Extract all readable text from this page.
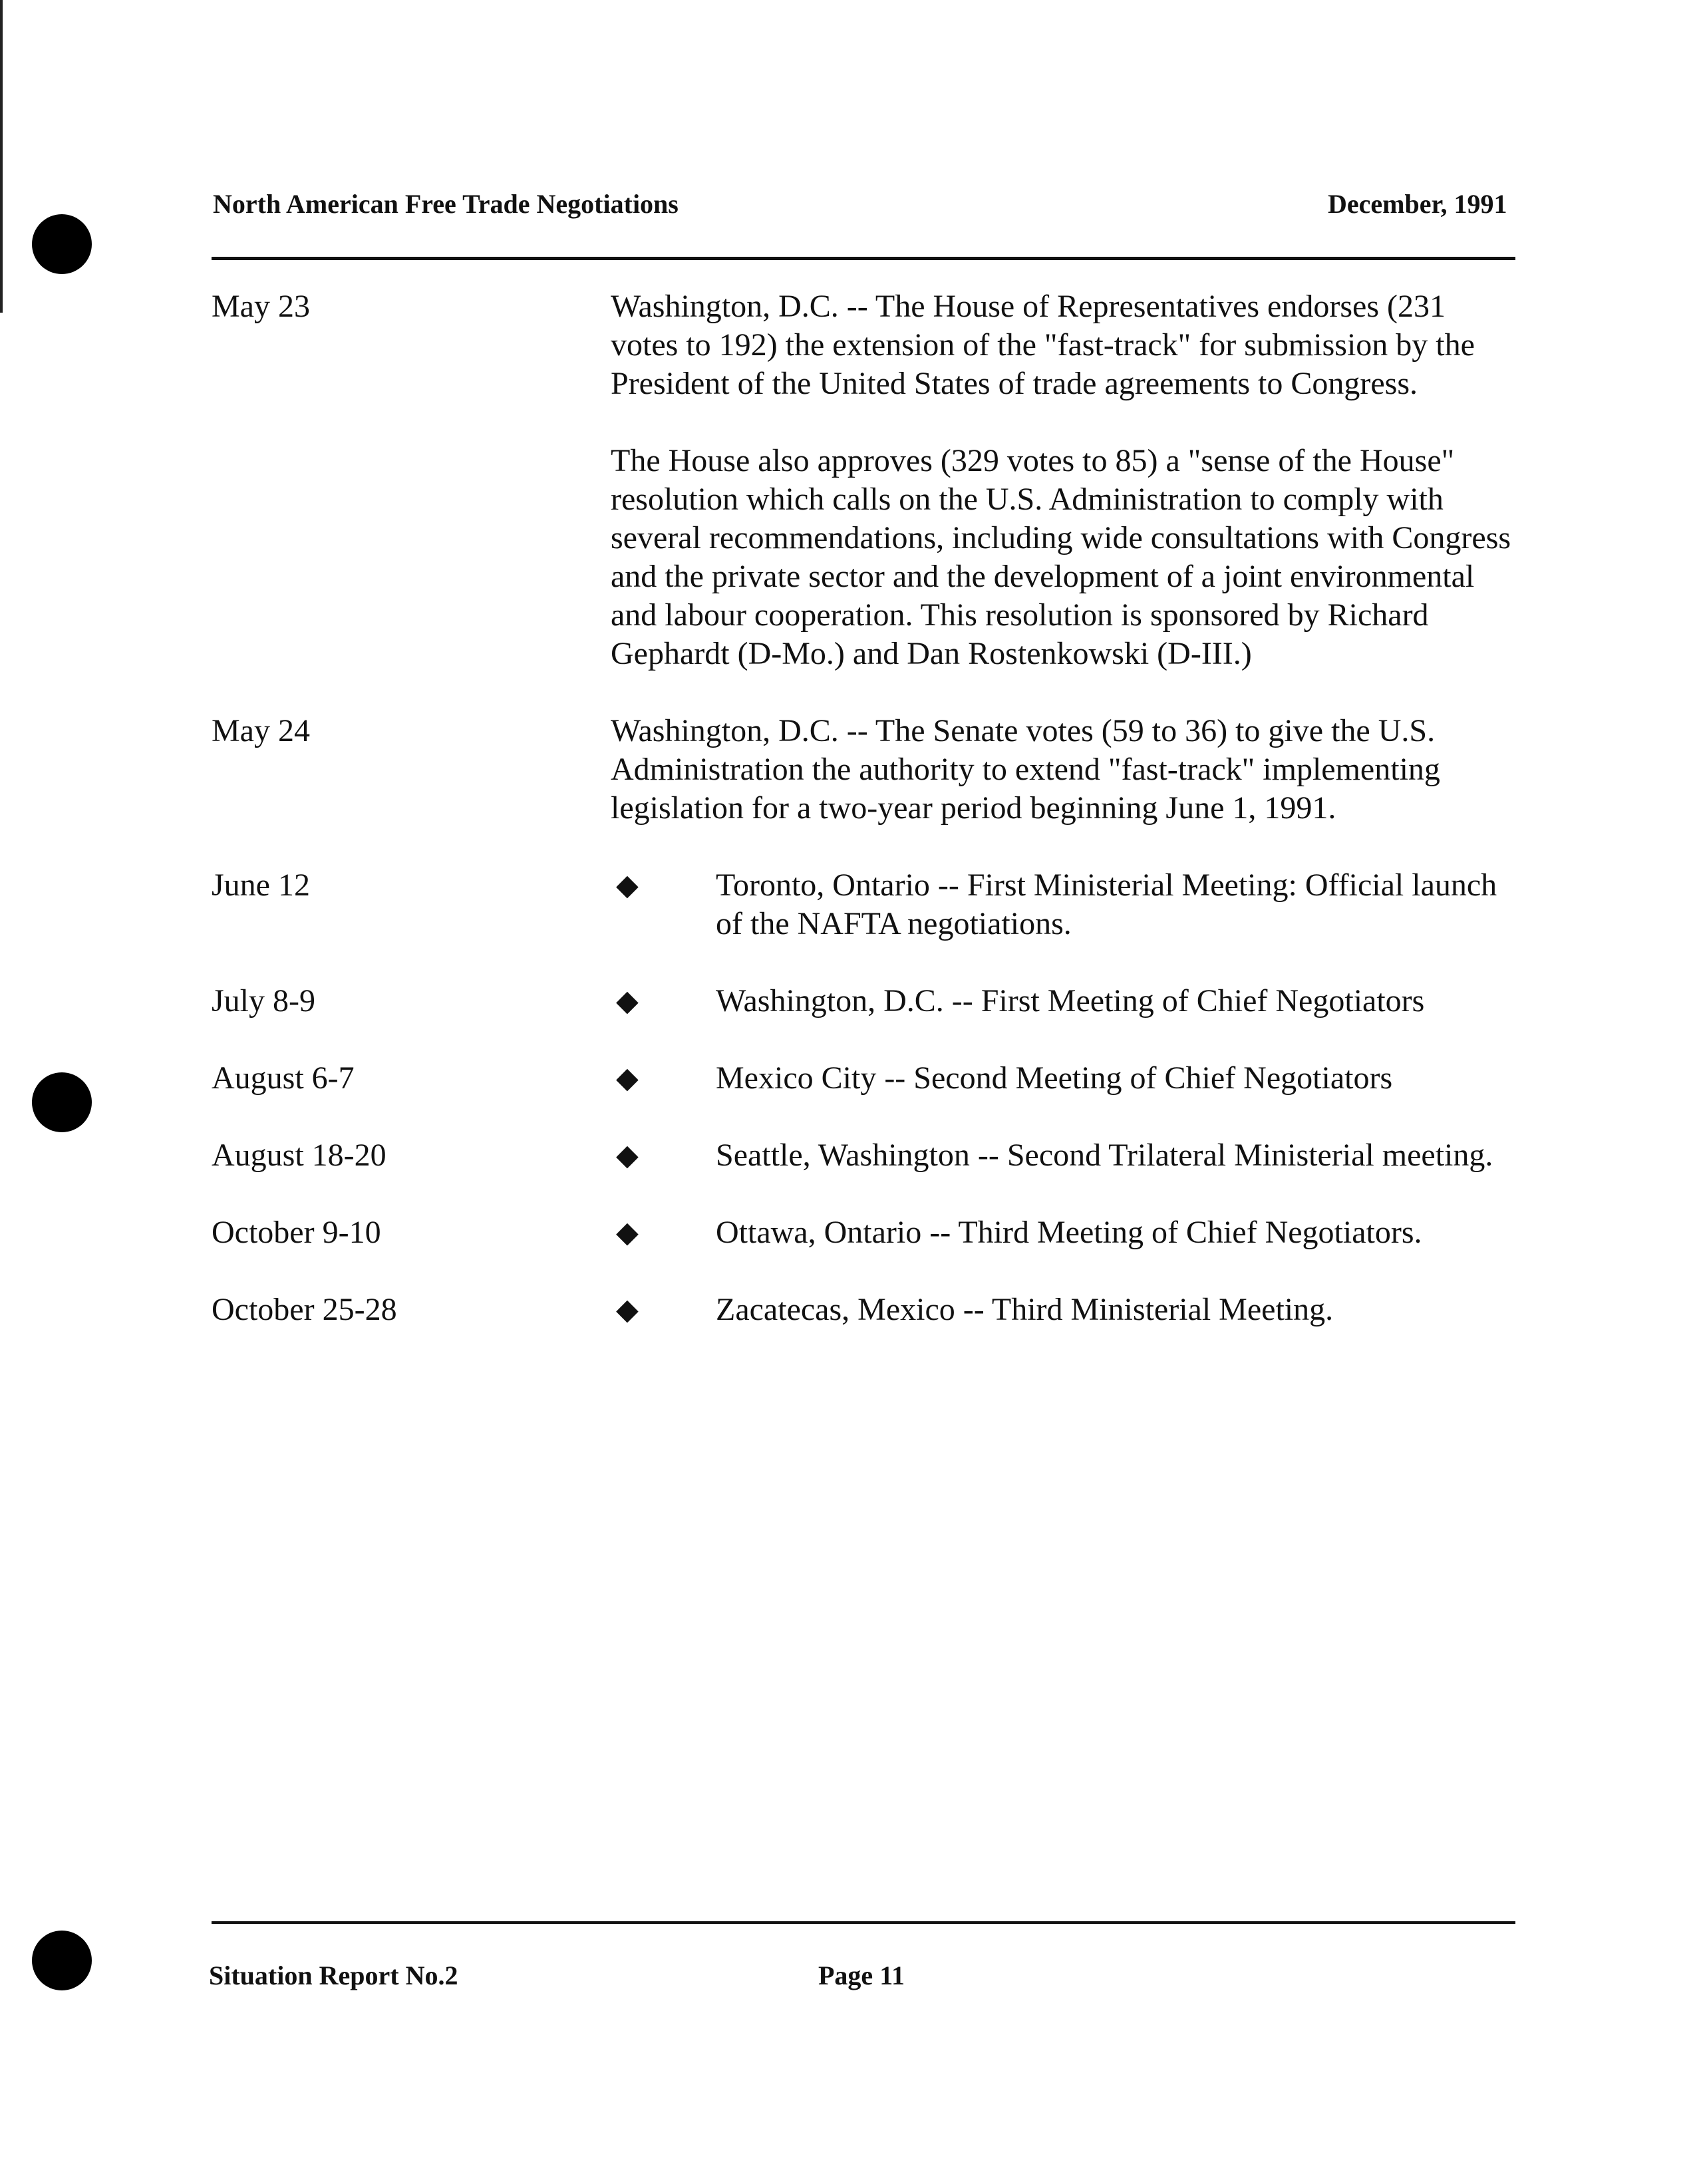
North American Free Trade Negotiations	December, 1991
May 23	Washington, D.C. -- The House of Representatives endorses (231 votes to 192) the extension of the "fast-track" for submission by the President of the United States of trade agreements to Congress.

The House also approves (329 votes to 85) a "sense of the House" resolution which calls on the U.S. Administration to comply with several recommendations, including wide consultations with Congress and the private sector and the development of a joint environmental and labour cooperation. This resolution is sponsored by Richard Gephardt (D-Mo.) and Dan Rostenkowski (D-III.)

May 24	Washington, D.C. -- The Senate votes (59 to 36) to give the U.S. Administration the authority to extend "fast-track" implementing legislation for a two-year period beginning June 1, 1991.

June 12	◆	Toronto, Ontario -- First Ministerial Meeting: Official launch of the NAFTA negotiations.
July 8-9	◆	Washington, D.C. -- First Meeting of Chief Negotiators
August 6-7	◆	Mexico City -- Second Meeting of Chief Negotiators
August 18-20	◆	Seattle, Washington -- Second Trilateral Ministerial meeting.
October 9-10	◆	Ottawa, Ontario -- Third Meeting of Chief Negotiators.
October 25-28	◆	Zacatecas, Mexico -- Third Ministerial Meeting.
Situation Report No.2	Page 11
